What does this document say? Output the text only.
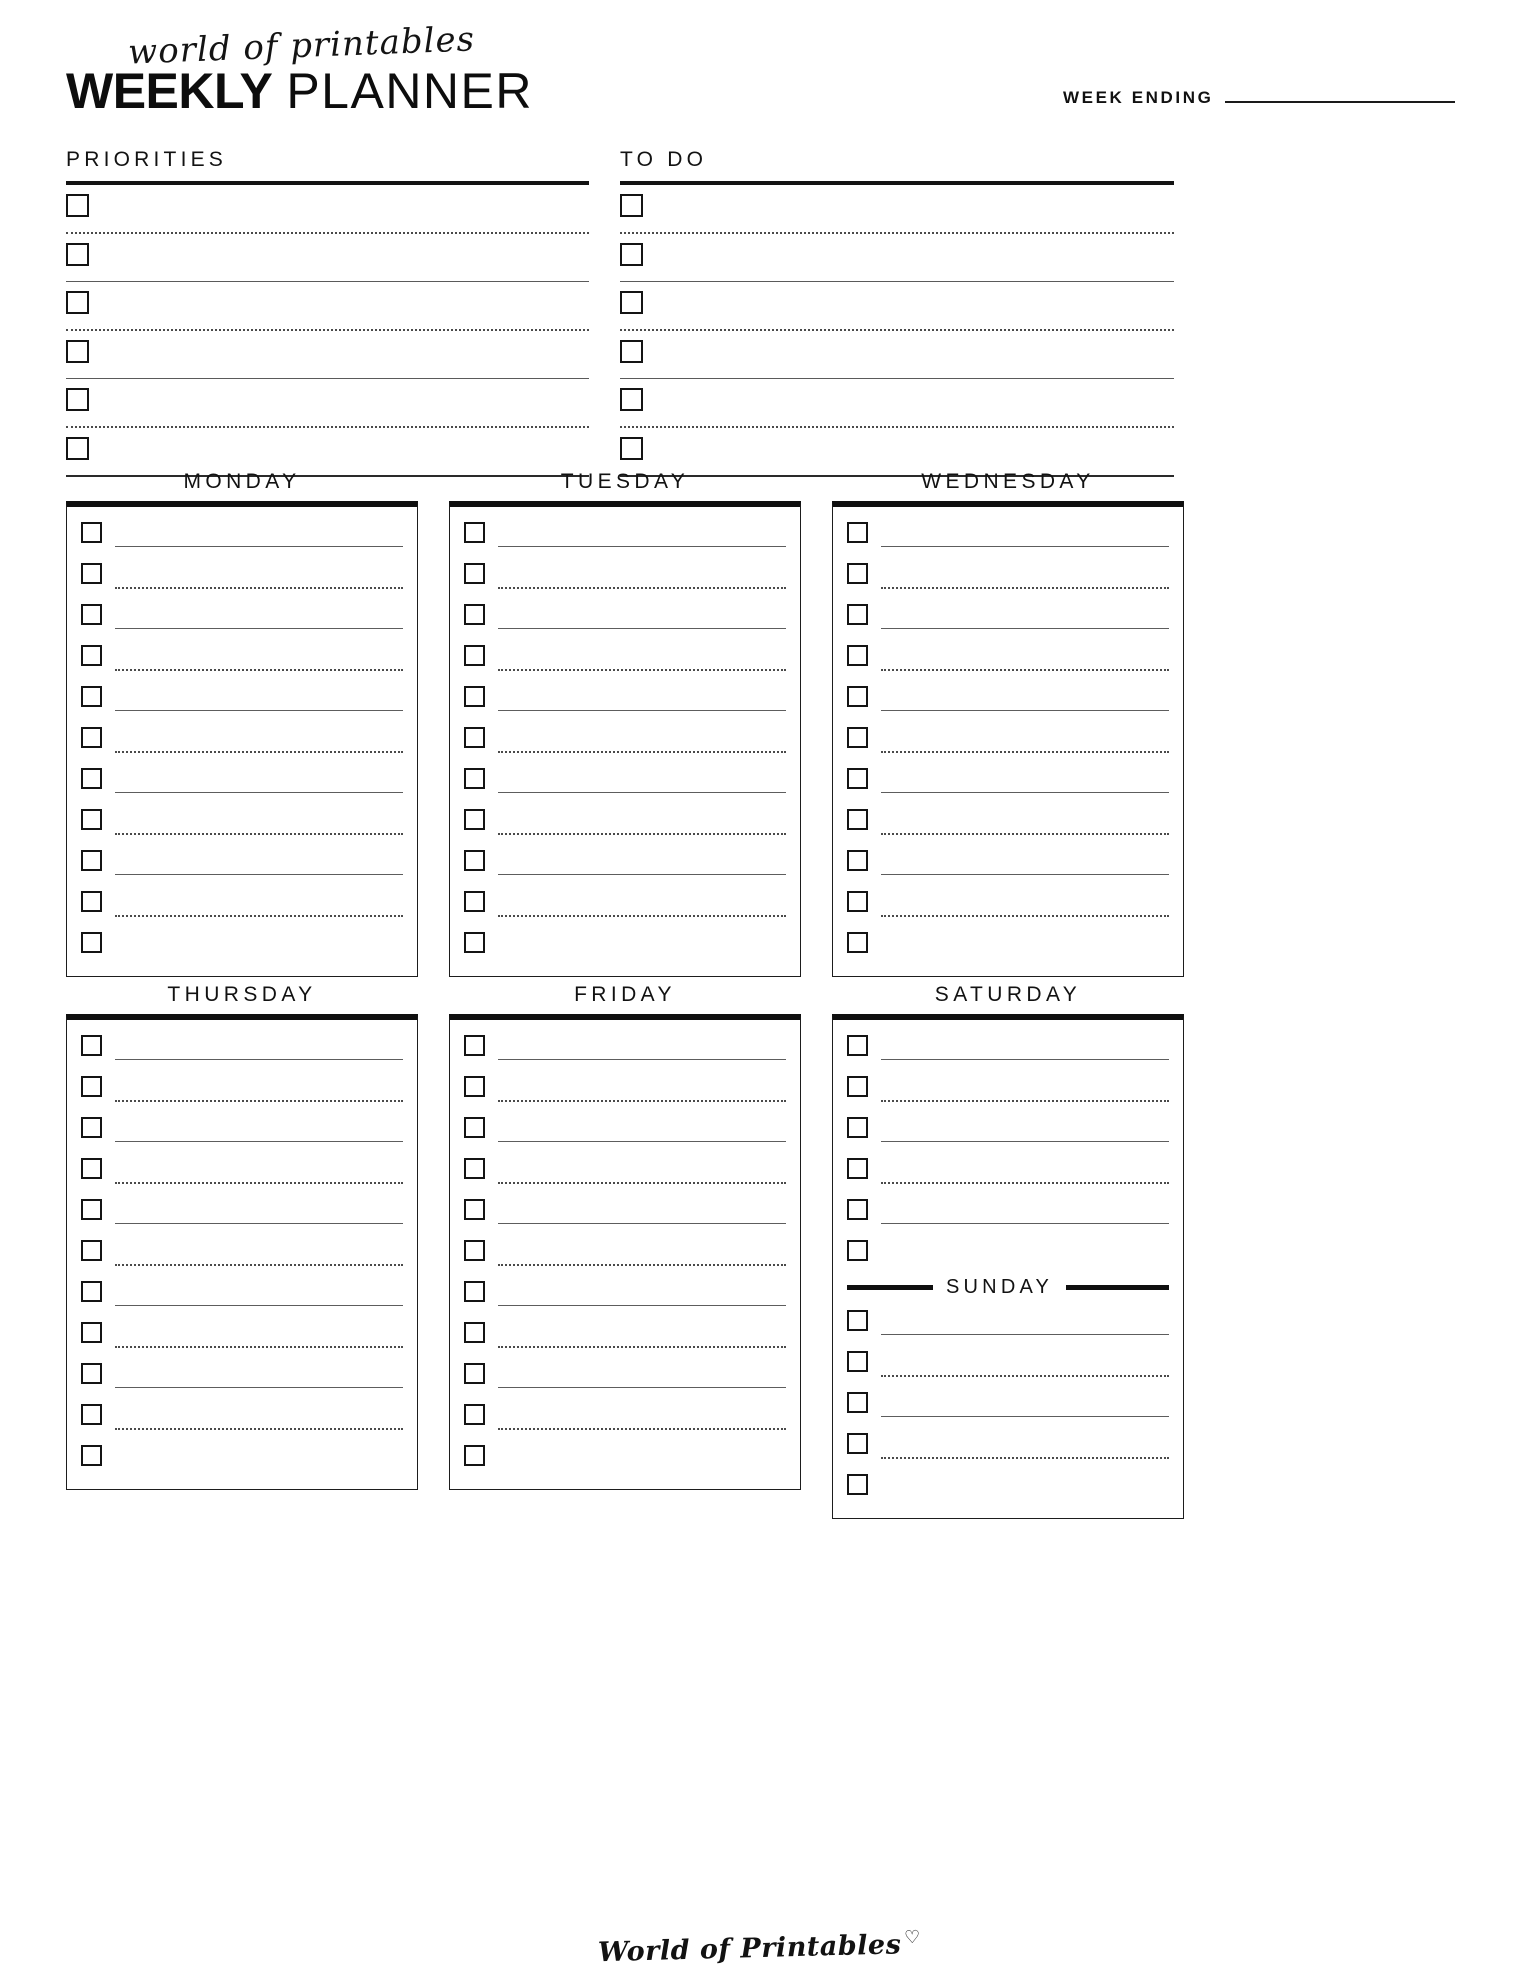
world of printables
WEEKLY PLANNER	WEEK ENDING
PRIORITIES	TO DO
MONDAY	TUESDAY	WEDNESDAY
THURSDAY	FRIDAY	SATURDAY
SUNDAY
World of Printables ♡
